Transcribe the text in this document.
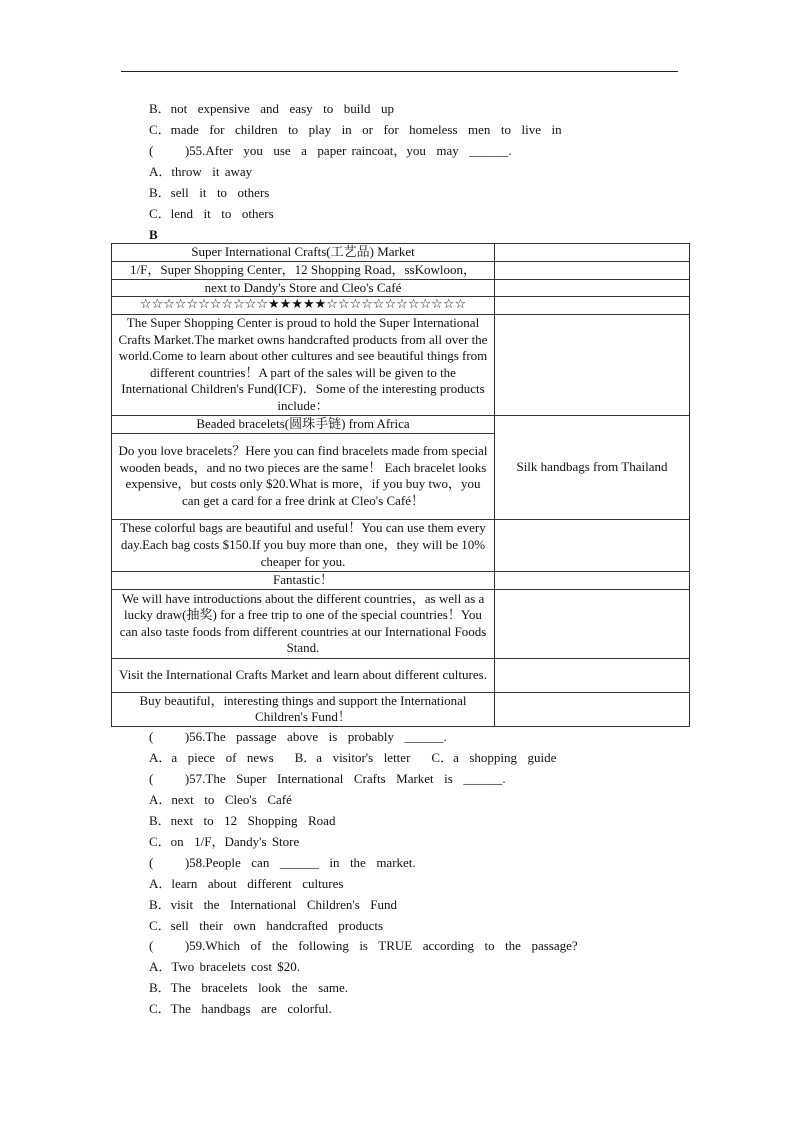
B．not  expensive  and  easy  to  build  up
C．made  for  children  to  play  in  or  for  homeless  men  to  live  in
(      )55.After  you  use  a  paper raincoat，you  may  ______.
A．throw  it away
B．sell  it  to  others
C．lend  it  to  others
B
Super International Crafts(工艺品) Market	
1/F，Super Shopping Center，12 Shopping Road，ssKowloon，	
next to Dandy's Store and Cleo's Café	
☆☆☆☆☆☆☆☆☆☆☆★★★★★☆☆☆☆☆☆☆☆☆☆☆☆	
The Super Shopping Center is proud to hold the Super International Crafts Market.The market owns handcrafted products from all over the world.Come to learn about other cultures and see beautiful things from different countries！A part of the sales will be given to the International Children's Fund(ICF)．Some of the interesting products include：	
Beaded bracelets(圆珠手链) from Africa	Silk handbags from Thailand
Do you love bracelets？Here you can find bracelets made from special wooden beads，and no two pieces are the same！ Each bracelet looks expensive，but costs only $20.What is more，if you buy two，you can get a card for a free drink at Cleo's Café！	
These colorful bags are beautiful and useful！You can use them every day.Each bag costs $150.If you buy more than one，they will be 10% cheaper for you.	
Fantastic！	
We will have introductions about the different countries，as well as a lucky draw(抽奖) for a free trip to one of the special countries！You can also taste foods from different countries at our International Foods Stand.	
Visit the International Crafts Market and learn about different cultures.	
Buy beautiful，interesting things and support the International Children's Fund！	
(      )56.The  passage  above  is  probably  ______.
A．a  piece  of  news    B．a  visitor's  letter    C．a  shopping  guide
(      )57.The  Super  International  Crafts  Market  is  ______.
A．next  to  Cleo's  Café
B．next  to  12  Shopping  Road
C．on  1/F，Dandy's Store
(      )58.People  can  ______  in  the  market.
A．learn  about  different  cultures
B．visit  the  International  Children's  Fund
C．sell  their  own  handcrafted  products
(      )59.Which  of  the  following  is  TRUE  according  to  the  passage?
A．Two bracelets cost $20.
B．The  bracelets  look  the  same.
C．The  handbags  are  colorful.
